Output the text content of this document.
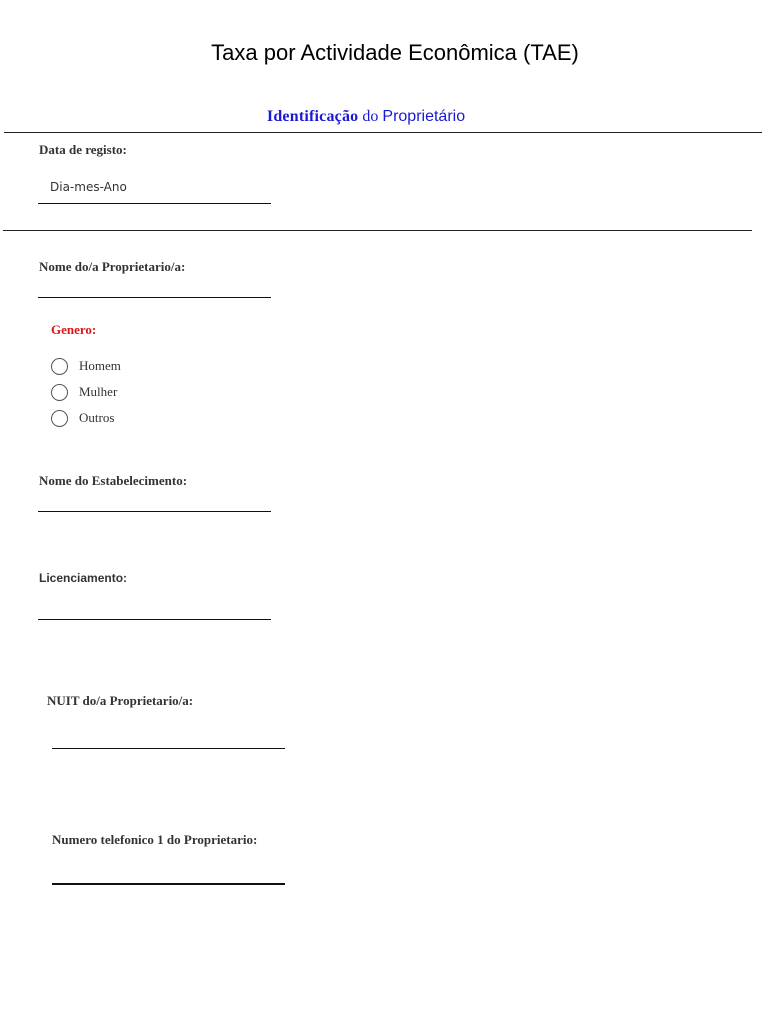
Taxa por Actividade Econômica (TAE)
Identificação do Proprietário
Data de registo:
Dia-mes-Ano
Nome do/a Proprietario/a:
Genero:
Homem
Mulher
Outros
Nome do Estabelecimento:
Licenciamento:
NUIT do/a Proprietario/a:
Numero telefonico 1 do Proprietario:
